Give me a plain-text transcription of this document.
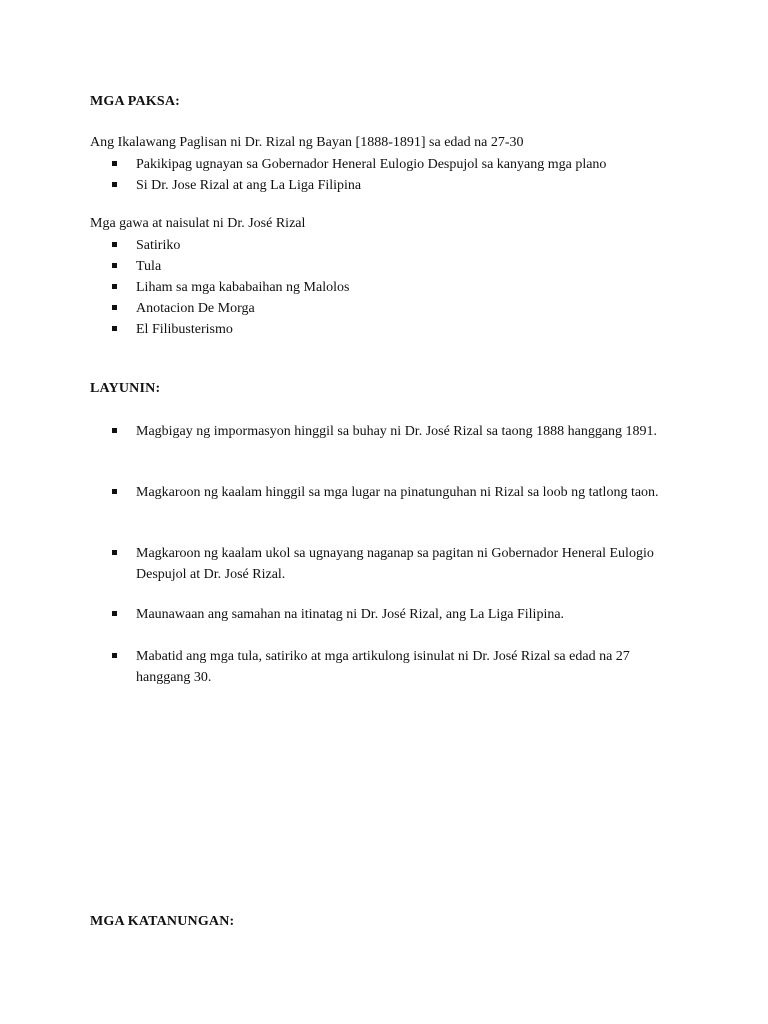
MGA PAKSA:
Ang Ikalawang Paglisan ni Dr. Rizal ng Bayan [1888-1891] sa edad na 27-30
Pakikipag ugnayan sa Gobernador Heneral Eulogio Despujol sa kanyang mga plano
Si Dr. Jose Rizal at ang La Liga Filipina
Mga gawa at naisulat ni Dr. José Rizal
Satiriko
Tula
Liham sa mga kababaihan ng Malolos
Anotacion De Morga
El Filibusterismo
LAYUNIN:
Magbigay ng impormasyon hinggil sa buhay ni Dr. José Rizal sa taong 1888 hanggang 1891.
Magkaroon ng kaalam hinggil sa mga lugar na pinatunguhan ni Rizal sa loob ng tatlong taon.
Magkaroon ng kaalam ukol sa ugnayang naganap sa pagitan ni Gobernador Heneral Eulogio Despujol at Dr. José Rizal.
Maunawaan ang samahan na itinatag ni Dr. José Rizal, ang La Liga Filipina.
Mabatid ang mga tula, satiriko at mga artikulong isinulat ni Dr. José Rizal sa edad na 27 hanggang 30.
MGA KATANUNGAN:
